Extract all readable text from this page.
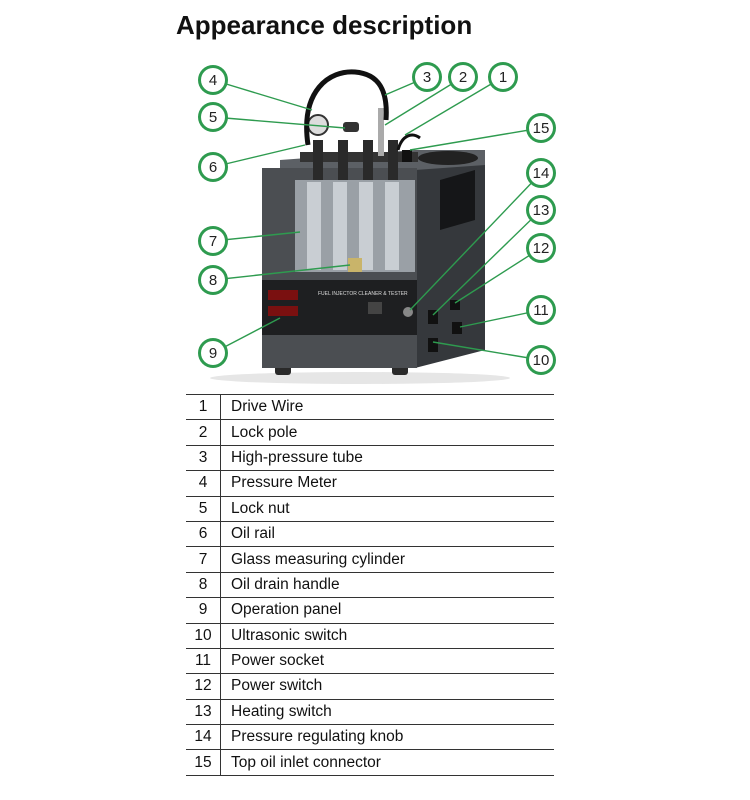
Appearance description
FUEL INJECTOR CLEANER & TESTER
1
2
3
4
5
6
7
8
9	10
11
12
13
14
15
1	Drive Wire
2	Lock pole
3	High-pressure tube
4	Pressure Meter
5	Lock nut
6	Oil rail
7	Glass measuring cylinder
8	Oil drain handle
9	Operation panel
10	Ultrasonic switch
11	Power socket
12	Power switch
13	Heating switch
14	Pressure regulating knob
15	Top oil inlet connector
